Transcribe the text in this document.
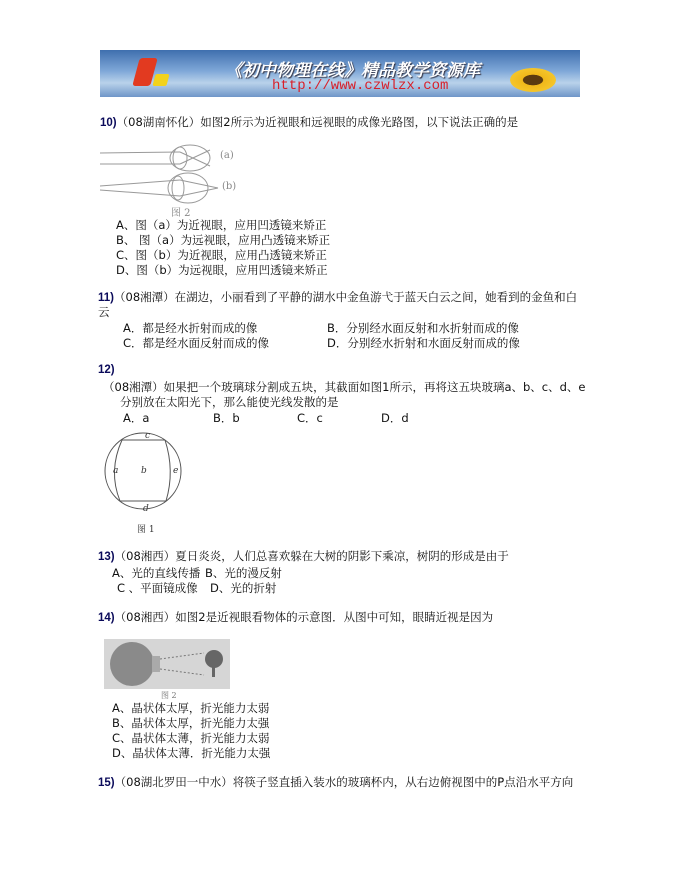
《初中物理在线》精品教学资源库
http://www.czwlzx.com
10)（08湖南怀化）如图2所示为近视眼和远视眼的成像光路图，以下说法正确的是
(a)
(b)
图 2
A、图（a）为近视眼，应用凹透镜来矫正
B、 图（a）为远视眼，应用凸透镜来矫正
C、图（b）为近视眼，应用凸透镜来矫正
D、图（b）为远视眼，应用凹透镜来矫正
11)（08湘潭）在湖边，小丽看到了平静的湖水中金鱼游弋于蓝天白云之间，她看到的金鱼和白
云
A．都是经水折射而成的像	B．分别经水面反射和水折射而成的像
C．都是经水面反射而成的像	D．分别经水折射和水面反射而成的像
12)
（08湘潭）如果把一个玻璃球分割成五块，其截面如图1所示，再将这五块玻璃a、b、c、d、e
分别放在太阳光下，那么能使光线发散的是
A．a	B．b	C．c	D．d
a	b
c
d
e
图 1
13)（08湘西）夏日炎炎，人们总喜欢躲在大树的阴影下乘凉，树阴的形成是由于
A、光的直线传播 B、光的漫反射
C 、平面镜成像 D、光的折射
14)（08湘西）如图2是近视眼看物体的示意图．从图中可知，眼睛近视是因为
图 2
A、晶状体太厚，折光能力太弱
B、晶状体太厚，折光能力太强
C、晶状体太薄，折光能力太弱
D、晶状体太薄．折光能力太强
15)（08湖北罗田一中水）将筷子竖直插入装水的玻璃杯内，从右边俯视图中的P点沿水平方向
